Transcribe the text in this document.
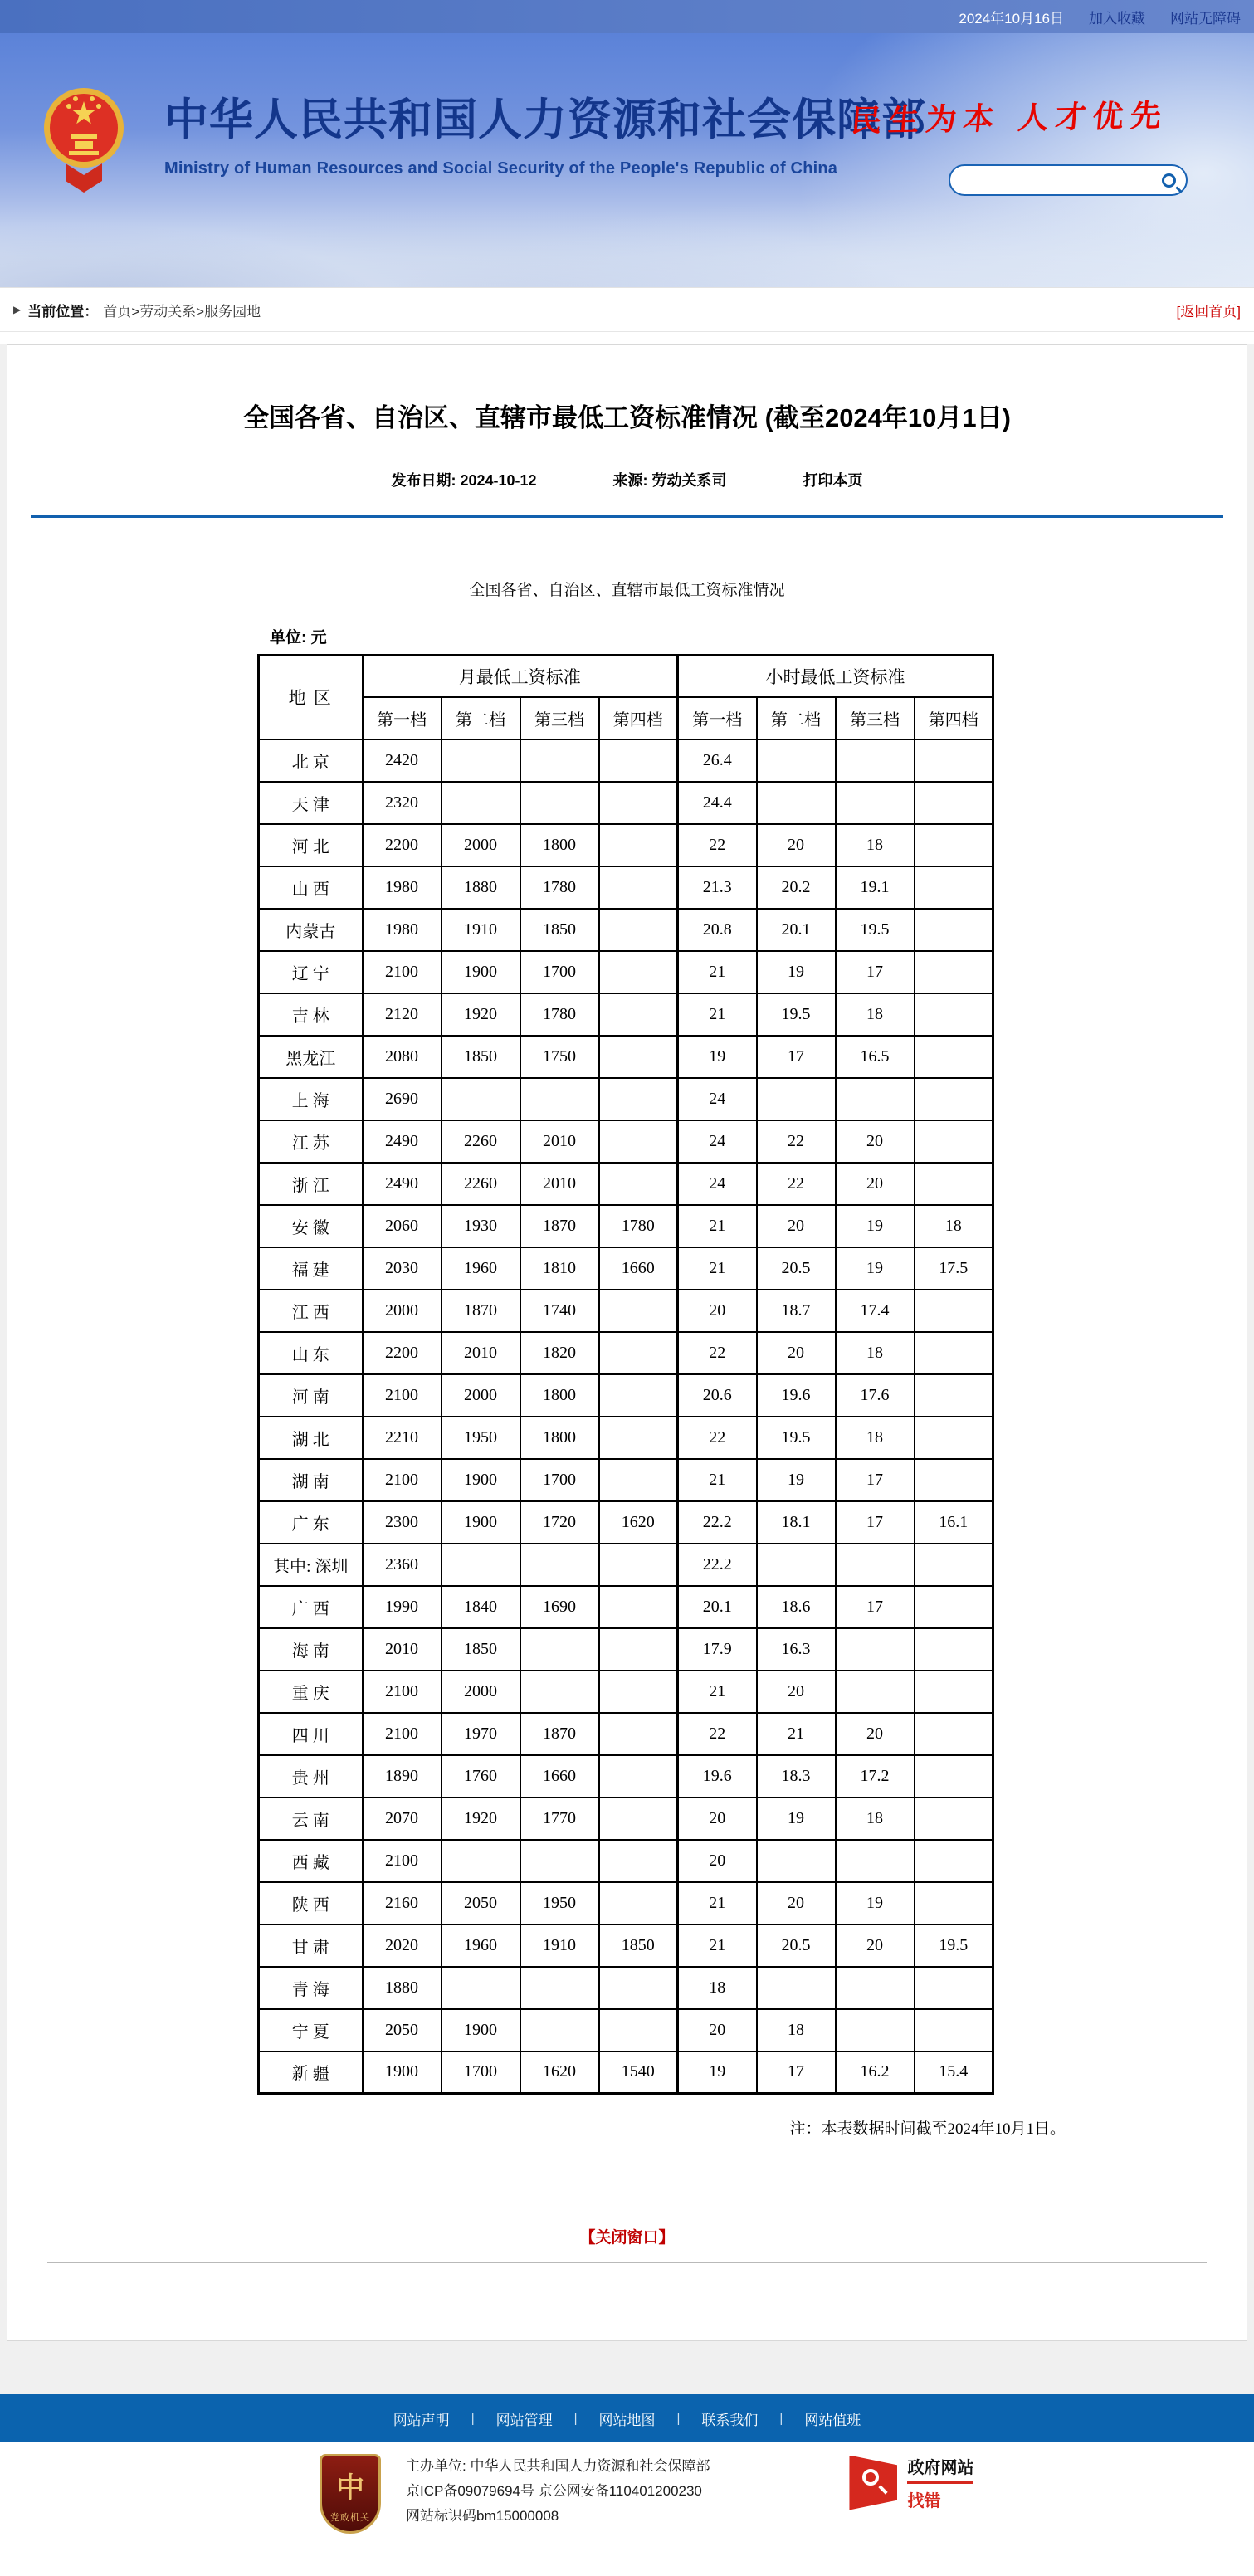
2024年10月16日 加入收藏 网站无障碍
中华人民共和国人力资源和社会保障部
Ministry of Human Resources and Social Security of the People's Republic of China
民生为本 人才优先
▶ 当前位置： 首页>劳动关系>服务园地	[返回首页]
全国各省、自治区、直辖市最低工资标准情况 (截至2024年10月1日)
发布日期: 2024-10-12	来源: 劳动关系司	打印本页
全国各省、自治区、直辖市最低工资标准情况
单位: 元
地 区	月最低工资标准				小时最低工资标准			
	第一档	第二档	第三档	第四档	第一档	第二档	第三档	第四档
北 京	2420				26.4			
天 津	2320				24.4			
河 北	2200	2000	1800		22	20	18	
山 西	1980	1880	1780		21.3	20.2	19.1	
内蒙古	1980	1910	1850		20.8	20.1	19.5	
辽 宁	2100	1900	1700		21	19	17	
吉 林	2120	1920	1780		21	19.5	18	
黑龙江	2080	1850	1750		19	17	16.5	
上 海	2690				24			
江 苏	2490	2260	2010		24	22	20	
浙 江	2490	2260	2010		24	22	20	
安 徽	2060	1930	1870	1780	21	20	19	18
福 建	2030	1960	1810	1660	21	20.5	19	17.5
江 西	2000	1870	1740		20	18.7	17.4	
山 东	2200	2010	1820		22	20	18	
河 南	2100	2000	1800		20.6	19.6	17.6	
湖 北	2210	1950	1800		22	19.5	18	
湖 南	2100	1900	1700		21	19	17	
广 东	2300	1900	1720	1620	22.2	18.1	17	16.1
其中: 深圳	2360				22.2			
广 西	1990	1840	1690		20.1	18.6	17	
海 南	2010	1850			17.9	16.3		
重 庆	2100	2000			21	20		
四 川	2100	1970	1870		22	21	20	
贵 州	1890	1760	1660		19.6	18.3	17.2	
云 南	2070	1920	1770		20	19	18	
西 藏	2100				20			
陕 西	2160	2050	1950		21	20	19	
甘 肃	2020	1960	1910	1850	21	20.5	20	19.5
青 海	1880				18			
宁 夏	2050	1900			20	18		
新 疆	1900	1700	1620	1540	19	17	16.2	15.4
注：本表数据时间截至2024年10月1日。
【关闭窗口】
网站声明 | 网站管理 | 网站地图 | 联系我们 | 网站值班
中
党政机关
主办单位: 中华人民共和国人力资源和社会保障部
京ICP备09079694号 京公网安备110401200230
网站标识码bm15000008
政府网站
找错
